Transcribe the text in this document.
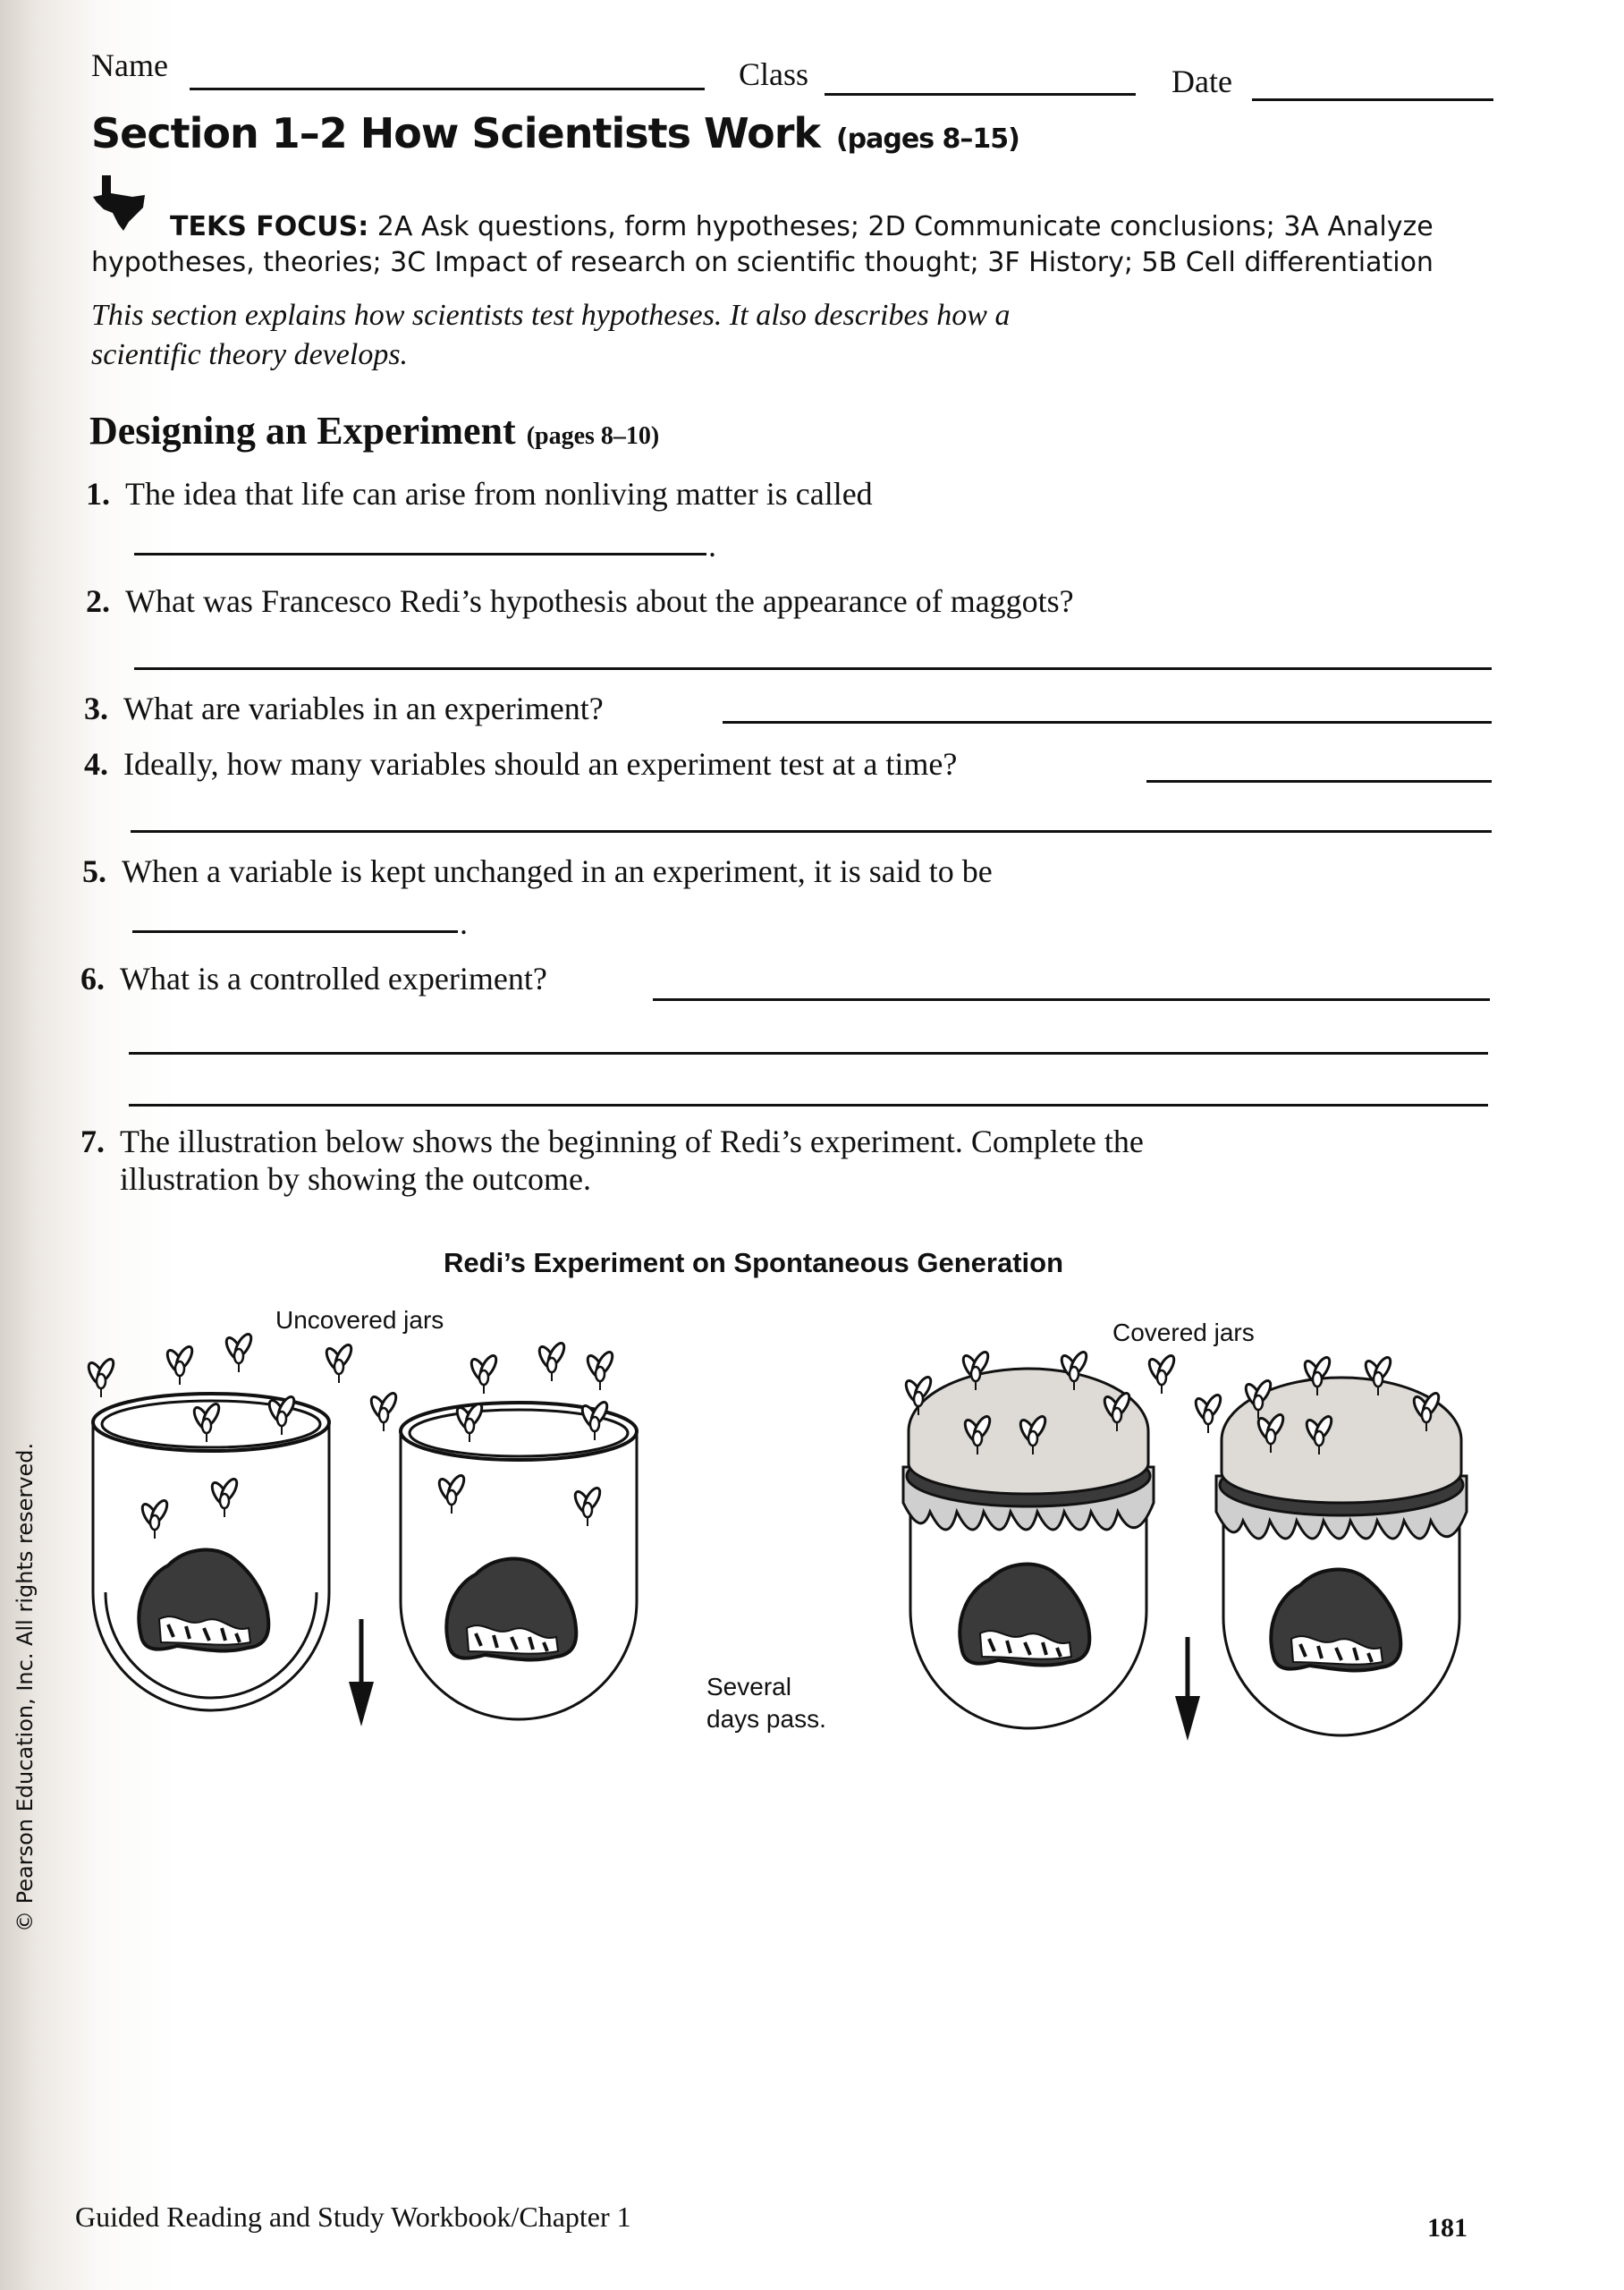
Name	Class	Date
Section 1–2 How Scientists Work (pages 8–15)
TEKS FOCUS: 2A Ask questions, form hypotheses; 2D Communicate conclusions; 3A Analyze
hypotheses, theories; 3C Impact of research on scientific thought; 3F History; 5B Cell differentiation
This section explains how scientists test hypotheses. It also describes how a
scientific theory develops.
Designing an Experiment (pages 8–10)
1. The idea that life can arise from nonliving matter is called
.
2. What was Francesco Redi’s hypothesis about the appearance of maggots?
3. What are variables in an experiment?
4. Ideally, how many variables should an experiment test at a time?
5. When a variable is kept unchanged in an experiment, it is said to be
.
6. What is a controlled experiment?
7. The illustration below shows the beginning of Redi’s experiment. Complete the
illustration by showing the outcome.
Redi’s Experiment on Spontaneous Generation
Uncovered jars	Covered jars
Several
days pass.
Guided Reading and Study Workbook/Chapter 1	181
© Pearson Education, Inc. All rights reserved.
